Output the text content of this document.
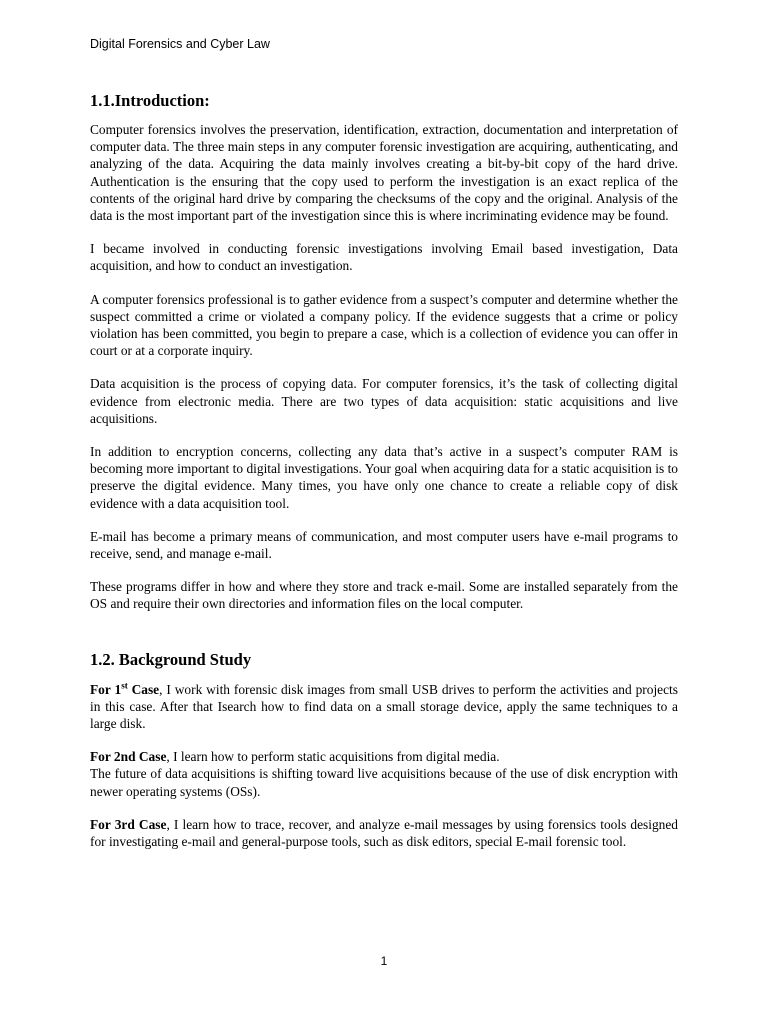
Digital Forensics and Cyber Law
1.1.Introduction:

Computer forensics involves the preservation, identification, extraction, documentation and interpretation of computer data. The three main steps in any computer forensic investigation are acquiring, authenticating, and analyzing of the data. Acquiring the data mainly involves creating a bit-by-bit copy of the hard drive. Authentication is the ensuring that the copy used to perform the investigation is an exact replica of the contents of the original hard drive by comparing the checksums of the copy and the original. Analysis of the data is the most important part of the investigation since this is where incriminating evidence may be found.

I became involved in conducting forensic investigations involving Email based investigation, Data acquisition, and how to conduct an investigation.

A computer forensics professional is to gather evidence from a suspect’s computer and determine whether the suspect committed a crime or violated a company policy. If the evidence suggests that a crime or policy violation has been committed, you begin to prepare a case, which is a collection of evidence you can offer in court or at a corporate inquiry.

Data acquisition is the process of copying data. For computer forensics, it’s the task of collecting digital evidence from electronic media. There are two types of data acquisition: static acquisitions and live acquisitions.

In addition to encryption concerns, collecting any data that’s active in a suspect’s computer RAM is becoming more important to digital investigations. Your goal when acquiring data for a static acquisition is to preserve the digital evidence. Many times, you have only one chance to create a reliable copy of disk evidence with a data acquisition tool.

E-mail has become a primary means of communication, and most computer users have e-mail programs to receive, send, and manage e-mail.

These programs differ in how and where they store and track e-mail. Some are installed separately from the OS and require their own directories and information files on the local computer.

1.2. Background Study

For 1st Case, I work with forensic disk images from small USB drives to perform the activities and projects in this case. After that Isearch how to find data on a small storage device, apply the same techniques to a large disk.

For 2nd Case, I learn how to perform static acquisitions from digital media.

The future of data acquisitions is shifting toward live acquisitions because of the use of disk encryption with newer operating systems (OSs).

For 3rd Case, I learn how to trace, recover, and analyze e-mail messages by using forensics tools designed for investigating e-mail and general-purpose tools, such as disk editors, special E-mail forensic tool.

1
